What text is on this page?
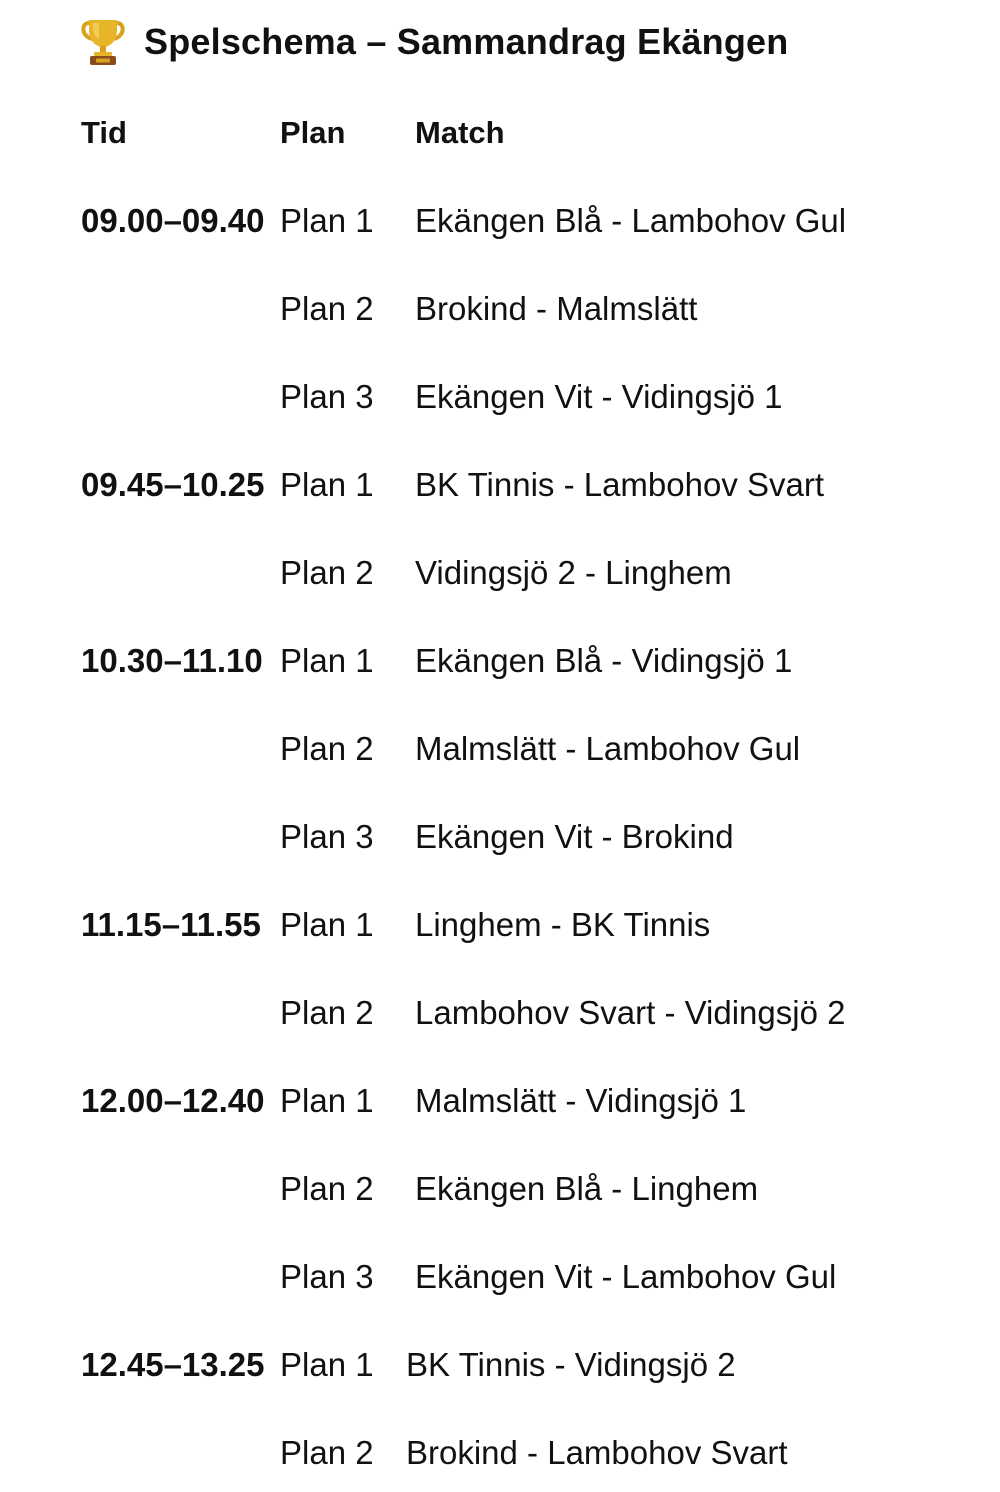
Spelschema – Sammandrag Ekängen
Tid	Plan Match
09.00–09.40 Plan 1 Ekängen Blå - Lambohov Gul
Plan 2 Brokind - Malmslätt
Plan 3 Ekängen Vit - Vidingsjö 1
09.45–10.25 Plan 1 BK Tinnis - Lambohov Svart
Plan 2 Vidingsjö 2 - Linghem
10.30–11.10 Plan 1 Ekängen Blå - Vidingsjö 1
Plan 2 Malmslätt - Lambohov Gul
Plan 3 Ekängen Vit - Brokind
11.15–11.55 Plan 1 Linghem - BK Tinnis
Plan 2 Lambohov Svart - Vidingsjö 2
12.00–12.40 Plan 1 Malmslätt - Vidingsjö 1
Plan 2 Ekängen Blå - Linghem
Plan 3 Ekängen Vit - Lambohov Gul
12.45–13.25 Plan 1 BK Tinnis - Vidingsjö 2
Plan 2 Brokind - Lambohov Svart
